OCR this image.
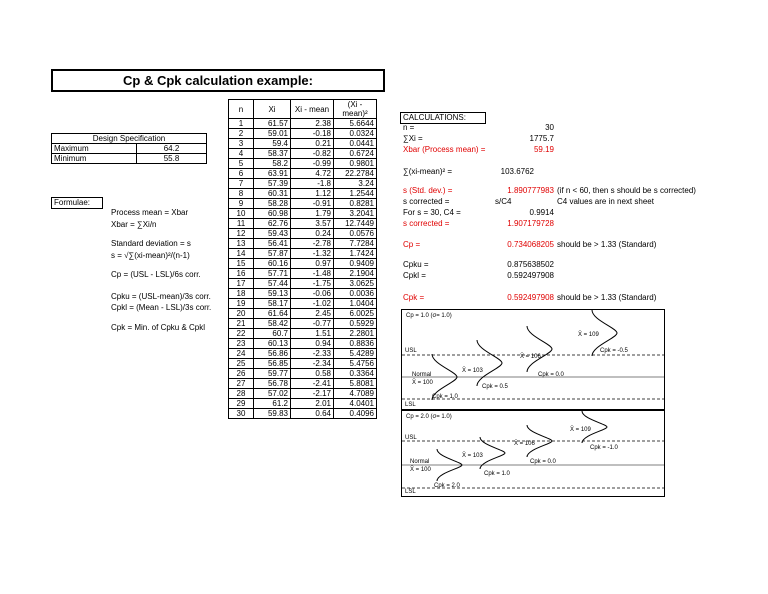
Cp & Cpk calculation example:
Design Specification	
Maximum	64.2
Minimum	55.8
Formulae:
Process mean = Xbar
Xbar = ∑Xi/n
Standard deviation = s
s = √∑(xi-mean)²/(n-1)
Cp = (USL - LSL)/6s corr.
Cpku = (USL-mean)/3s corr.
Cpkl = (Mean - LSL)/3s corr.
Cpk = Min. of Cpku & Cpkl
n	Xi	Xi - mean	(Xi - mean)²
1	61.57	2.38	5.6644
2	59.01	-0.18	0.0324
3	59.4	0.21	0.0441
4	58.37	-0.82	0.6724
5	58.2	-0.99	0.9801
6	63.91	4.72	22.2784
7	57.39	-1.8	3.24
8	60.31	1.12	1.2544
9	58.28	-0.91	0.8281
10	60.98	1.79	3.2041
11	62.76	3.57	12.7449
12	59.43	0.24	0.0576
13	56.41	-2.78	7.7284
14	57.87	-1.32	1.7424
15	60.16	0.97	0.9409
16	57.71	-1.48	2.1904
17	57.44	-1.75	3.0625
18	59.13	-0.06	0.0036
19	58.17	-1.02	1.0404
20	61.64	2.45	6.0025
21	58.42	-0.77	0.5929
22	60.7	1.51	2.2801
23	60.13	0.94	0.8836
24	56.86	-2.33	5.4289
25	56.85	-2.34	5.4756
26	59.77	0.58	0.3364
27	56.78	-2.41	5.8081
28	57.02	-2.17	4.7089
29	61.2	2.01	4.0401
30	59.83	0.64	0.4096
CALCULATIONS:
n =	30
∑Xi =	1775.7
Xbar (Process mean) =	59.19
∑(xi-mean)² =	103.6762
s (Std. dev.) =	1.890777983 (if n < 60, then s should be s corrected)
s corrected =	s/C4	C4 values are in next sheet
For s = 30, C4 =	0.9914
s corrected =	1.907179728
Cp =	0.734068205 should be > 1.33 (Standard)
Cpku =	0.875638502
Cpkl =	0.592497908
Cpk =	0.592497908 should be > 1.33 (Standard)
Cp = 1.0 (σ= 1.0)
USL
LSL
Normal
X̄ = 100
Cpk = 1.0
X̄ = 103
Cpk = 0.5
X̄ = 106
Cpk = 0.0
X̄ = 109
Cpk = -0.5
Cp = 2.0 (σ= 1.0)
USL
LSL
Normal
X̄ = 100
Cpk = 2.0
X̄ = 103
Cpk = 1.0
X̄ = 106
Cpk = 0.0
X̄ = 109
Cpk = -1.0
